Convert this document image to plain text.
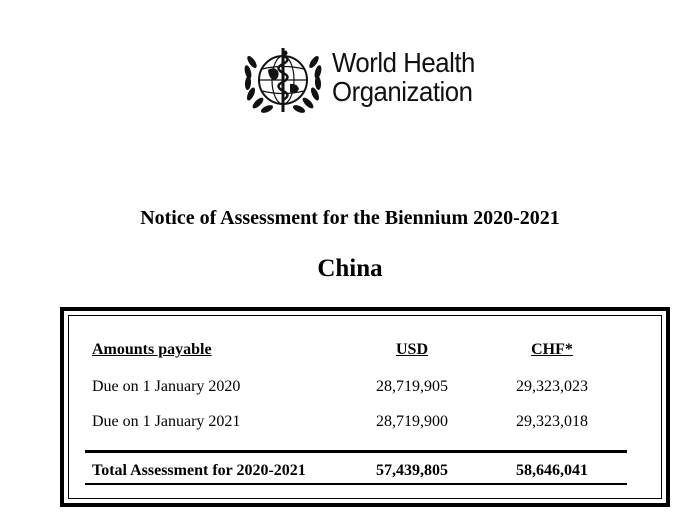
World Health
Organization
Notice of Assessment for the Biennium 2020-2021
China
Amounts payable	USD	CHF*
Due on 1 January 2020	28,719,905	29,323,023
Due on 1 January 2021	28,719,900	29,323,018
Total Assessment for 2020-2021	57,439,805	58,646,041
